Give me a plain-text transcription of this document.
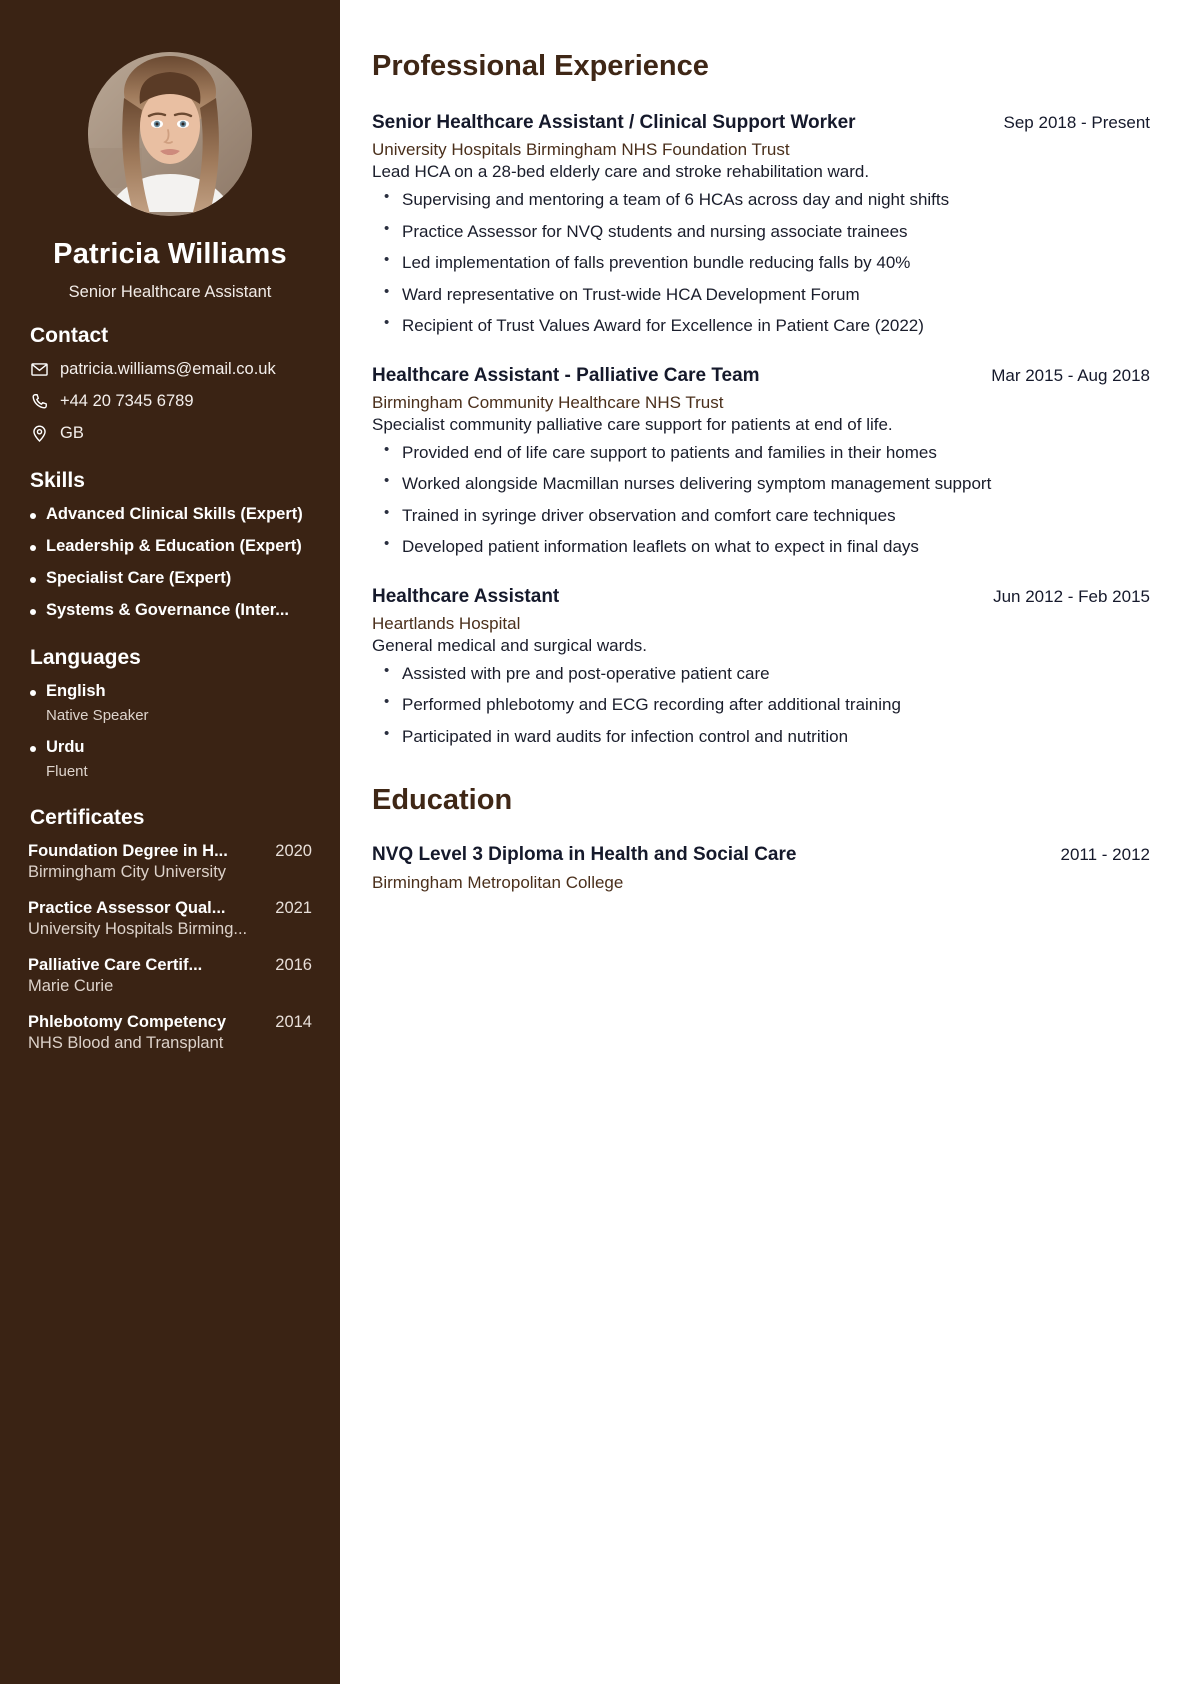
Patricia Williams
Senior Healthcare Assistant
Contact
patricia.williams@email.co.uk
+44 20 7345 6789
GB
Skills
Advanced Clinical Skills (Expert)
Leadership & Education (Expert)
Specialist Care (Expert)
Systems & Governance (Inter...
Languages
English
Native Speaker
Urdu
Fluent
Certificates
Foundation Degree in H...	2020
Birmingham City University
Practice Assessor Qual...	2021
University Hospitals Birming...
Palliative Care Certif...	2016
Marie Curie
Phlebotomy Competency	2014
NHS Blood and Transplant
Professional Experience
Senior Healthcare Assistant / Clinical Support Worker	Sep 2018 - Present
University Hospitals Birmingham NHS Foundation Trust
Lead HCA on a 28-bed elderly care and stroke rehabilitation ward.
• Supervising and mentoring a team of 6 HCAs across day and night shifts
• Practice Assessor for NVQ students and nursing associate trainees
• Led implementation of falls prevention bundle reducing falls by 40%
• Ward representative on Trust-wide HCA Development Forum
• Recipient of Trust Values Award for Excellence in Patient Care (2022)
Healthcare Assistant - Palliative Care Team	Mar 2015 - Aug 2018
Birmingham Community Healthcare NHS Trust
Specialist community palliative care support for patients at end of life.
• Provided end of life care support to patients and families in their homes
• Worked alongside Macmillan nurses delivering symptom management support
• Trained in syringe driver observation and comfort care techniques
• Developed patient information leaflets on what to expect in final days
Healthcare Assistant	Jun 2012 - Feb 2015
Heartlands Hospital
General medical and surgical wards.
• Assisted with pre and post-operative patient care
• Performed phlebotomy and ECG recording after additional training
• Participated in ward audits for infection control and nutrition
Education
NVQ Level 3 Diploma in Health and Social Care	2011 - 2012
Birmingham Metropolitan College
